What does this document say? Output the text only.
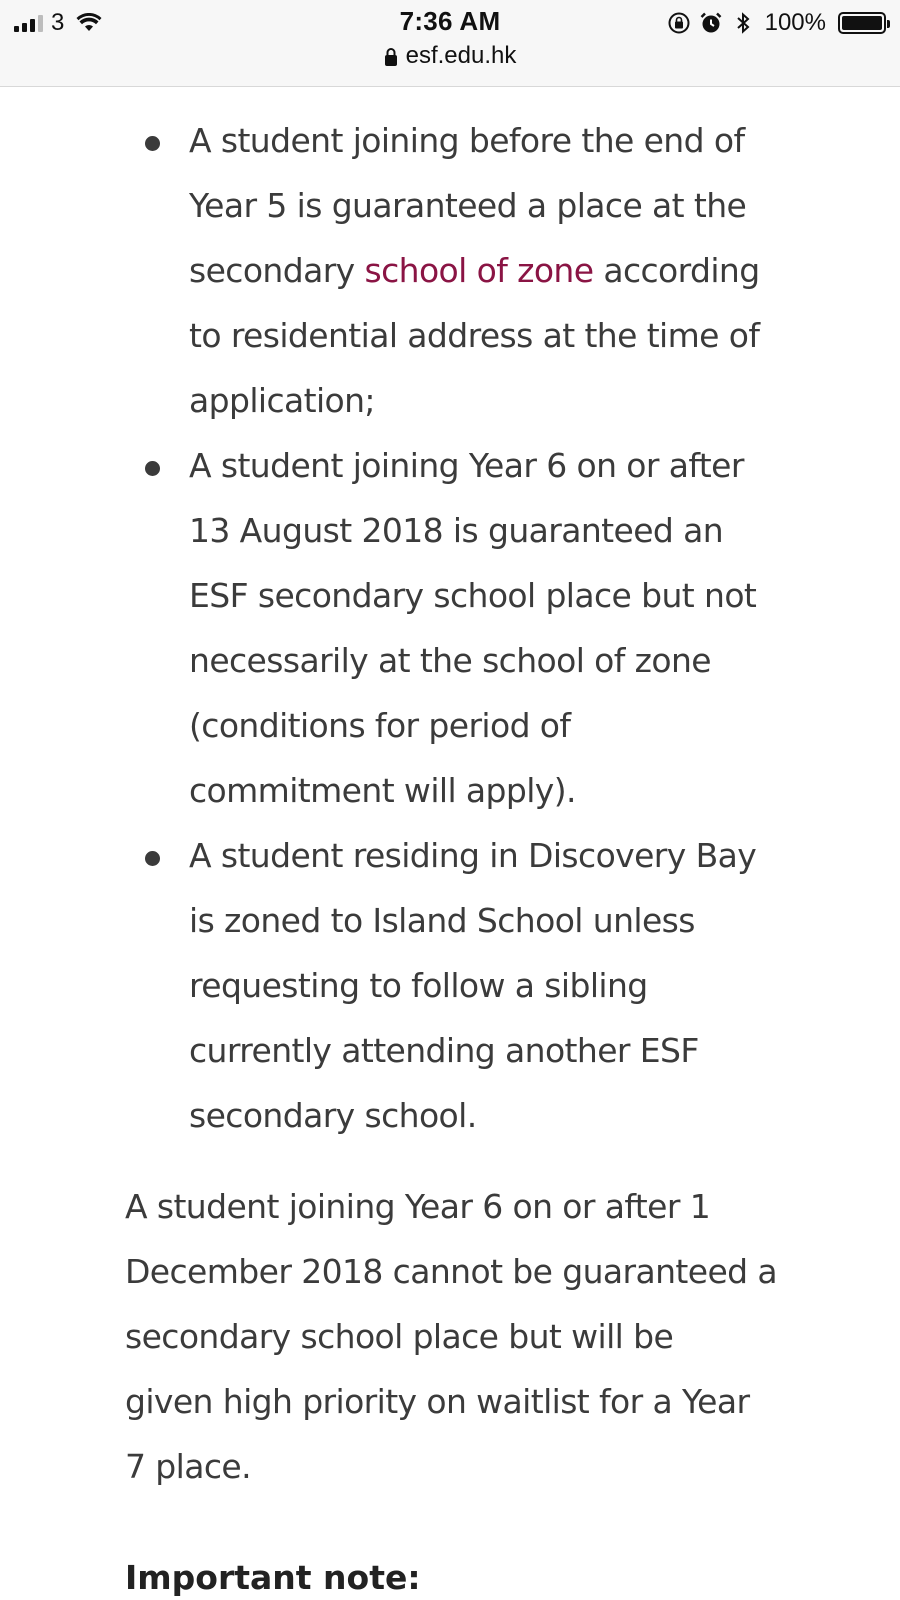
3	7:36 AM
esf.edu.hk
100%
A student joining before the end of
Year 5 is guaranteed a place at the
secondary school of zone according
to residential address at the time of
application;
A student joining Year 6 on or after
13 August 2018 is guaranteed an
ESF secondary school place but not
necessarily at the school of zone
(conditions for period of
commitment will apply).
A student residing in Discovery Bay
is zoned to Island School unless
requesting to follow a sibling
currently attending another ESF
secondary school.

A student joining Year 6 on or after 1
December 2018 cannot be guaranteed a
secondary school place but will be
given high priority on waitlist for a Year
7 place.

Important note:
